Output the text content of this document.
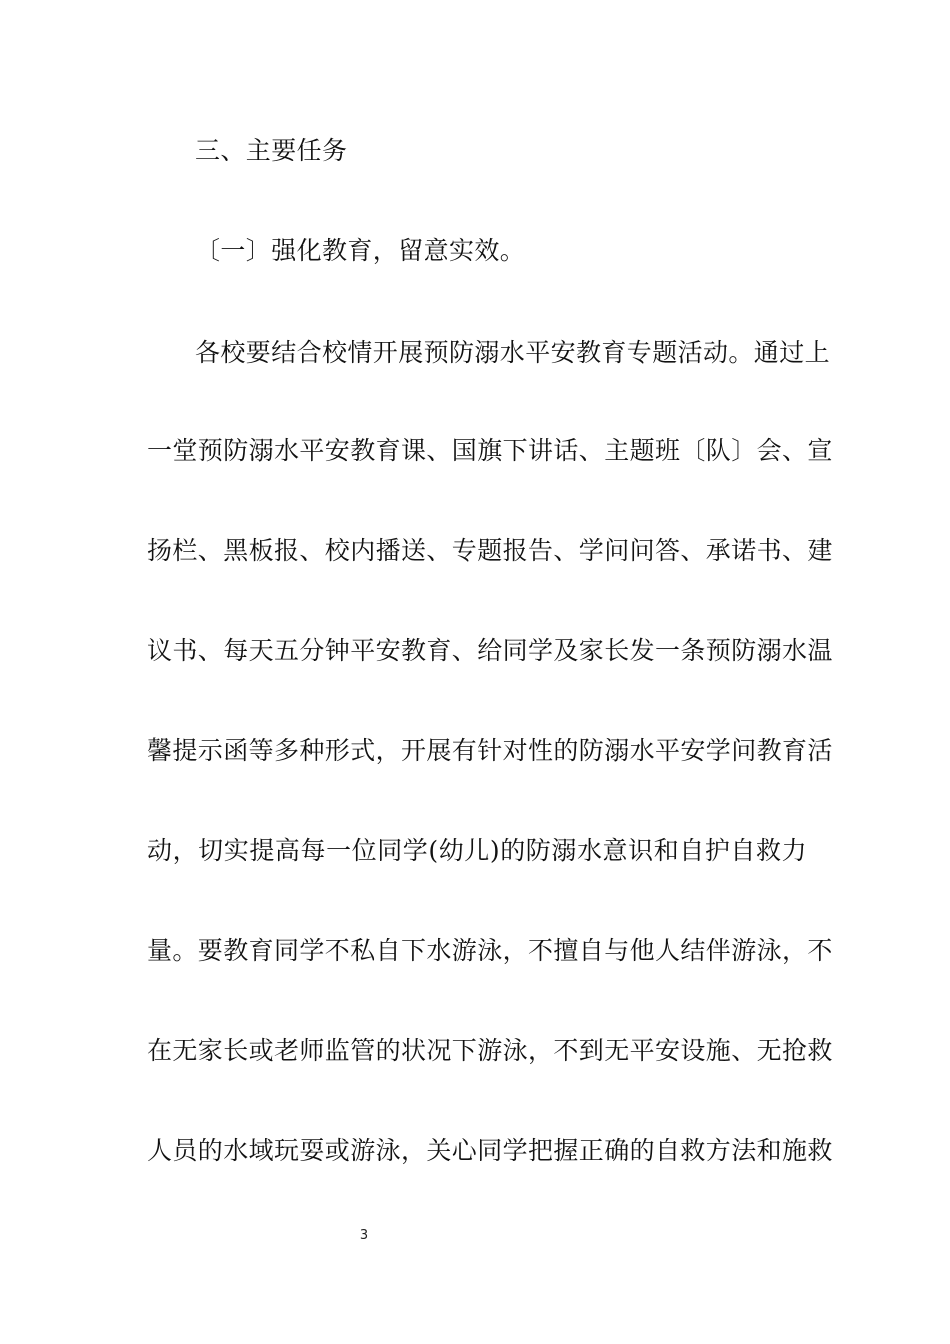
三、主要任务
〔一〕强化教育，留意实效。
各校要结合校情开展预防溺水平安教育专题活动。通过上
一堂预防溺水平安教育课、国旗下讲话、主题班〔队〕会、宣
扬栏、黑板报、校内播送、专题报告、学问问答、承诺书、建
议书、每天五分钟平安教育、给同学及家长发一条预防溺水温
馨提示函等多种形式，开展有针对性的防溺水平安学问教育活
动，切实提高每一位同学(幼儿)的防溺水意识和自护自救力
量。要教育同学不私自下水游泳，不擅自与他人结伴游泳，不
在无家长或老师监管的状况下游泳，不到无平安设施、无抢救
人员的水域玩耍或游泳，关心同学把握正确的自救方法和施救
3
